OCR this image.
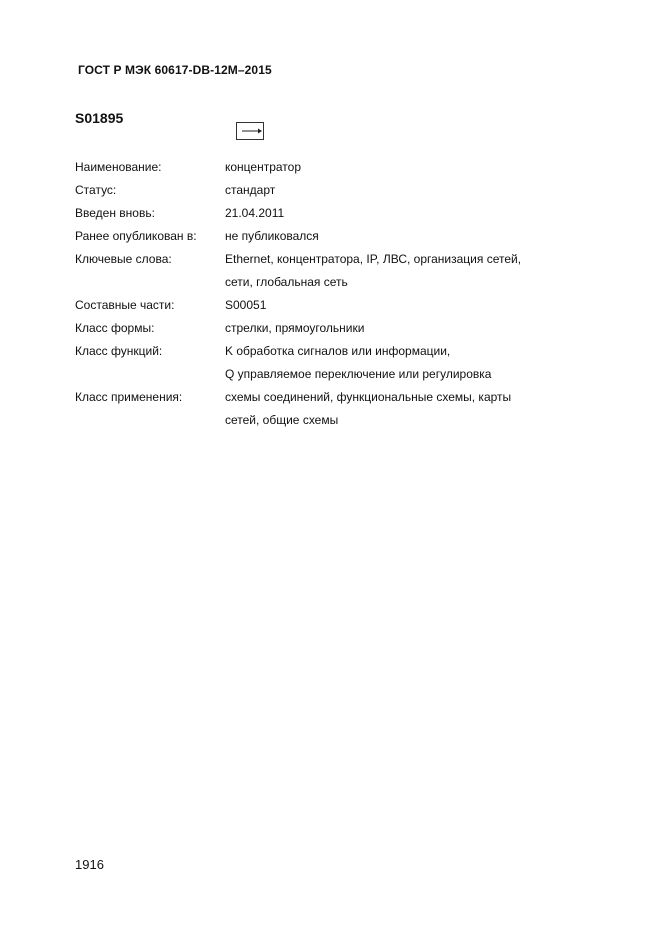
ГОСТ Р МЭК 60617-DB-12M–2015
S01895
Наименование:	концентратор
Статус:	стандарт
Введен вновь:	21.04.2011
Ранее опубликован в:	не публиковался
Ключевые слова:	Ethernet, концентратора, IP, ЛВС, организация сетей,
сети, глобальная сеть
Составные части:	S00051
Класс формы:	стрелки, прямоугольники
Класс функций:	K обработка сигналов или информации,
Q управляемое переключение или регулировка
Класс применения:	схемы соединений, функциональные схемы, карты
сетей, общие схемы
1916
